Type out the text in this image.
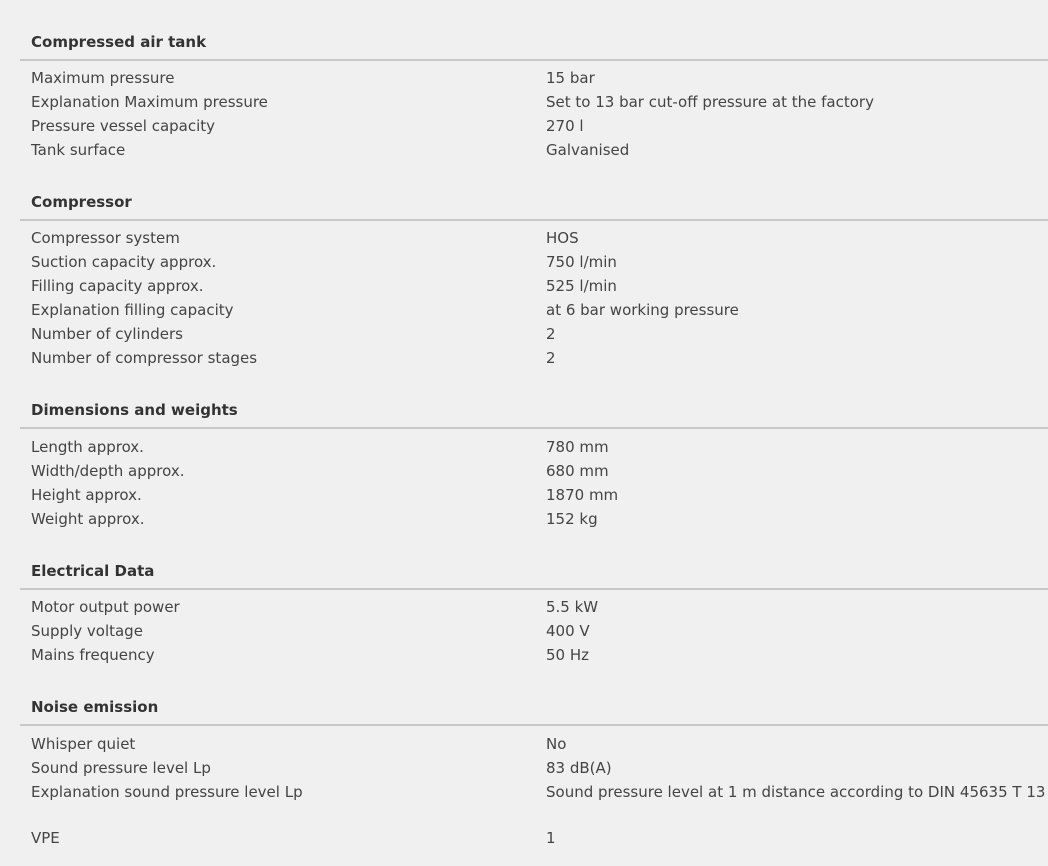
Compressed air tank
Maximum pressure	15 bar
Explanation Maximum pressure	Set to 13 bar cut-off pressure at the factory
Pressure vessel capacity	270 l
Tank surface	Galvanised
Compressor
Compressor system	HOS
Suction capacity approx.	750 l/min
Filling capacity approx.	525 l/min
Explanation filling capacity	at 6 bar working pressure
Number of cylinders	2
Number of compressor stages	2
Dimensions and weights
Length approx.	780 mm
Width/depth approx.	680 mm
Height approx.	1870 mm
Weight approx.	152 kg
Electrical Data
Motor output power	5.5 kW
Supply voltage	400 V
Mains frequency	50 Hz
Noise emission
Whisper quiet	No
Sound pressure level Lp	83 dB(A)
Explanation sound pressure level Lp	Sound pressure level at 1 m distance according to DIN 45635 T 13
VPE	1
